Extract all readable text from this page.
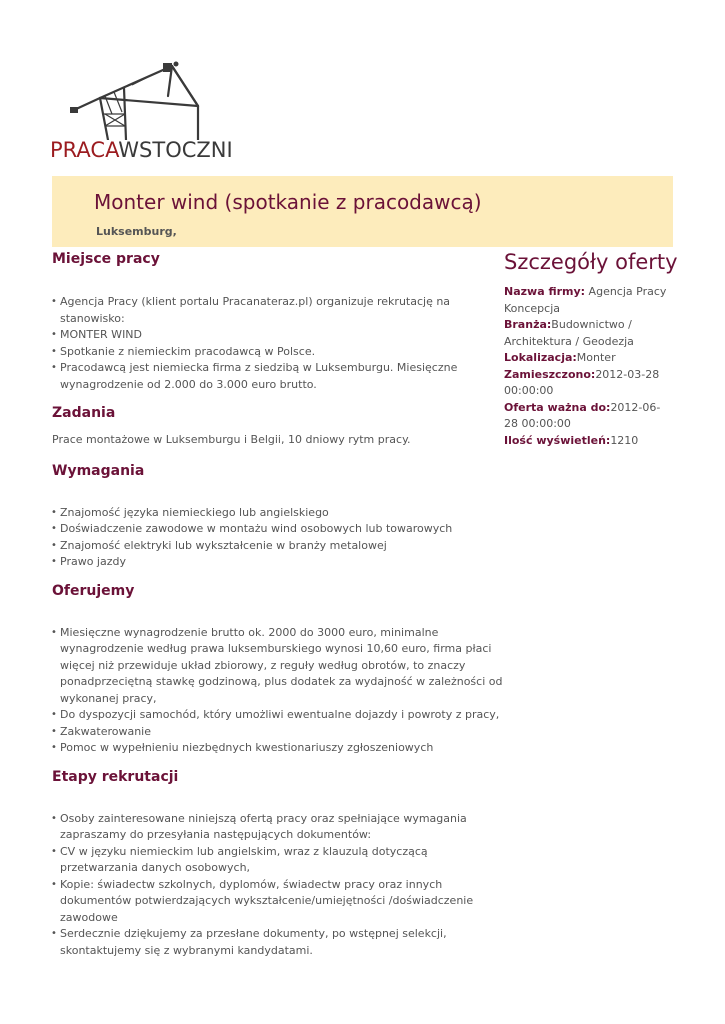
PRACAWSTOCZNI
Monter wind (spotkanie z pracodawcą)
Luksemburg,
Miejsce pracy
• Agencja Pracy (klient portalu Pracanateraz.pl) organizuje rekrutację na stanowisko:
• MONTER WIND
• Spotkanie z niemieckim pracodawcą w Polsce.
• Pracodawcą jest niemiecka firma z siedzibą w Luksemburgu. Miesięczne wynagrodzenie od 2.000 do 3.000 euro brutto.
Zadania

Prace montażowe w Luksemburgu i Belgii, 10 dniowy rytm pracy.

Wymagania
• Znajomość języka niemieckiego lub angielskiego
• Doświadczenie zawodowe w montażu wind osobowych lub towarowych
• Znajomość elektryki lub wykształcenie w branży metalowej
• Prawo jazdy
Oferujemy
• Miesięczne wynagrodzenie brutto ok. 2000 do 3000 euro, minimalne wynagrodzenie według prawa luksemburskiego wynosi 10,60 euro, firma płaci więcej niż przewiduje układ zbiorowy, z reguły według obrotów, to znaczy ponadprzeciętną stawkę godzinową, plus dodatek za wydajność w zależności od wykonanej pracy,
• Do dyspozycji samochód, który umożliwi ewentualne dojazdy i powroty z pracy,
• Zakwaterowanie
• Pomoc w wypełnieniu niezbędnych kwestionariuszy zgłoszeniowych
Etapy rekrutacji
• Osoby zainteresowane niniejszą ofertą pracy oraz spełniające wymagania zapraszamy do przesyłania następujących dokumentów:
• CV w języku niemieckim lub angielskim, wraz z klauzulą dotyczącą przetwarzania danych osobowych,
• Kopie: świadectw szkolnych, dyplomów, świadectw pracy oraz innych dokumentów potwierdzających wykształcenie/umiejętności /doświadczenie zawodowe
• Serdecznie dziękujemy za przesłane dokumenty, po wstępnej selekcji, skontaktujemy się z wybranymi kandydatami.
Szczegóły oferty
Nazwa firmy: Agencja Pracy Koncepcja
Branża:Budownictwo / Architektura / Geodezja
Lokalizacja:Monter
Zamieszczono:2012-03-28 00:00:00
Oferta ważna do:2012-06-28 00:00:00
Ilość wyświetleń:1210
